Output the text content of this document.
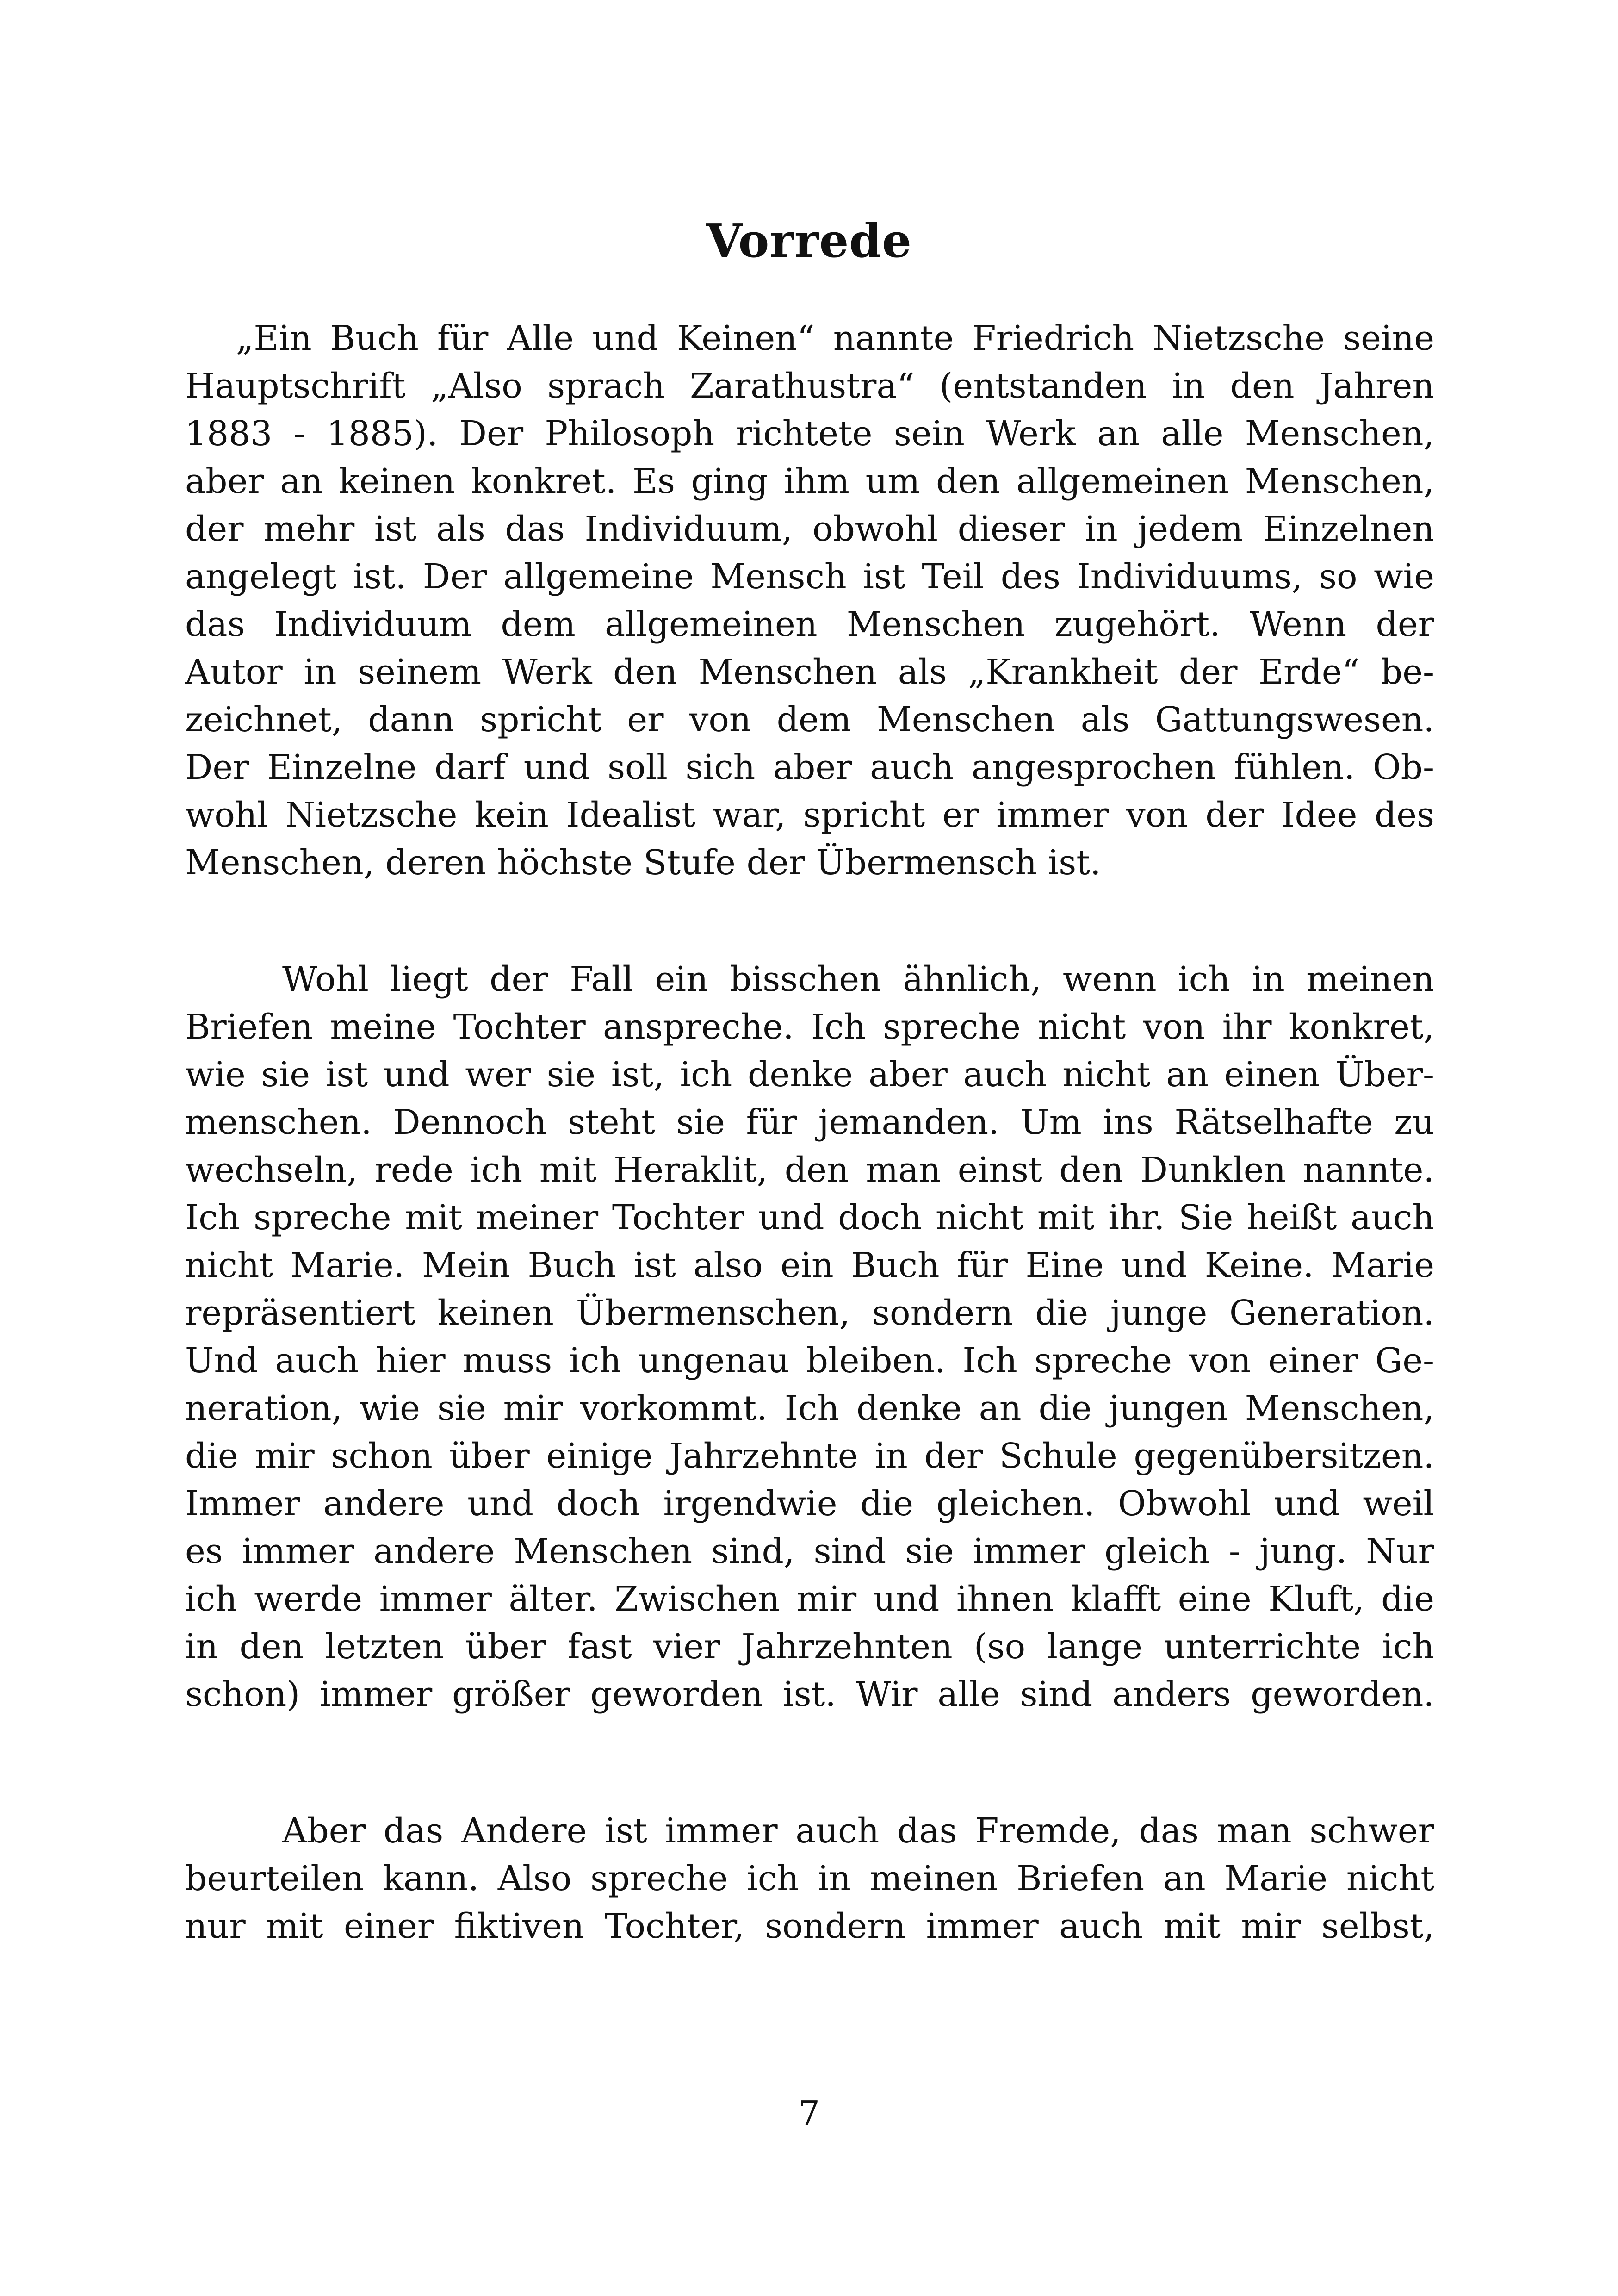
Vorrede
„Ein Buch für Alle und Keinen“ nannte Friedrich Nietzsche seine
Hauptschrift „Also sprach Zarathustra“ (entstanden in den Jahren
1883 - 1885). Der Philosoph richtete sein Werk an alle Menschen,
aber an keinen konkret. Es ging ihm um den allgemeinen Menschen,
der mehr ist als das Individuum, obwohl dieser in jedem Einzelnen
angelegt ist. Der allgemeine Mensch ist Teil des Individuums, so wie
das Individuum dem allgemeinen Menschen zugehört. Wenn der
Autor in seinem Werk den Menschen als „Krankheit der Erde“ be-
zeichnet, dann spricht er von dem Menschen als Gattungswesen.
Der Einzelne darf und soll sich aber auch angesprochen fühlen. Ob-
wohl Nietzsche kein Idealist war, spricht er immer von der Idee des
Menschen, deren höchste Stufe der Übermensch ist.
Wohl liegt der Fall ein bisschen ähnlich, wenn ich in meinen
Briefen meine Tochter anspreche. Ich spreche nicht von ihr konkret,
wie sie ist und wer sie ist, ich denke aber auch nicht an einen Über-
menschen. Dennoch steht sie für jemanden. Um ins Rätselhafte zu
wechseln, rede ich mit Heraklit, den man einst den Dunklen nannte.
Ich spreche mit meiner Tochter und doch nicht mit ihr. Sie heißt auch
nicht Marie. Mein Buch ist also ein Buch für Eine und Keine. Marie
repräsentiert keinen Übermenschen, sondern die junge Generation.
Und auch hier muss ich ungenau bleiben. Ich spreche von einer Ge-
neration, wie sie mir vorkommt. Ich denke an die jungen Menschen,
die mir schon über einige Jahrzehnte in der Schule gegenübersitzen.
Immer andere und doch irgendwie die gleichen. Obwohl und weil
es immer andere Menschen sind, sind sie immer gleich - jung. Nur
ich werde immer älter. Zwischen mir und ihnen klafft eine Kluft, die
in den letzten über fast vier Jahrzehnten (so lange unterrichte ich
schon) immer größer geworden ist. Wir alle sind anders geworden.
Aber das Andere ist immer auch das Fremde, das man schwer
beurteilen kann. Also spreche ich in meinen Briefen an Marie nicht
nur mit einer fiktiven Tochter, sondern immer auch mit mir selbst,
7
